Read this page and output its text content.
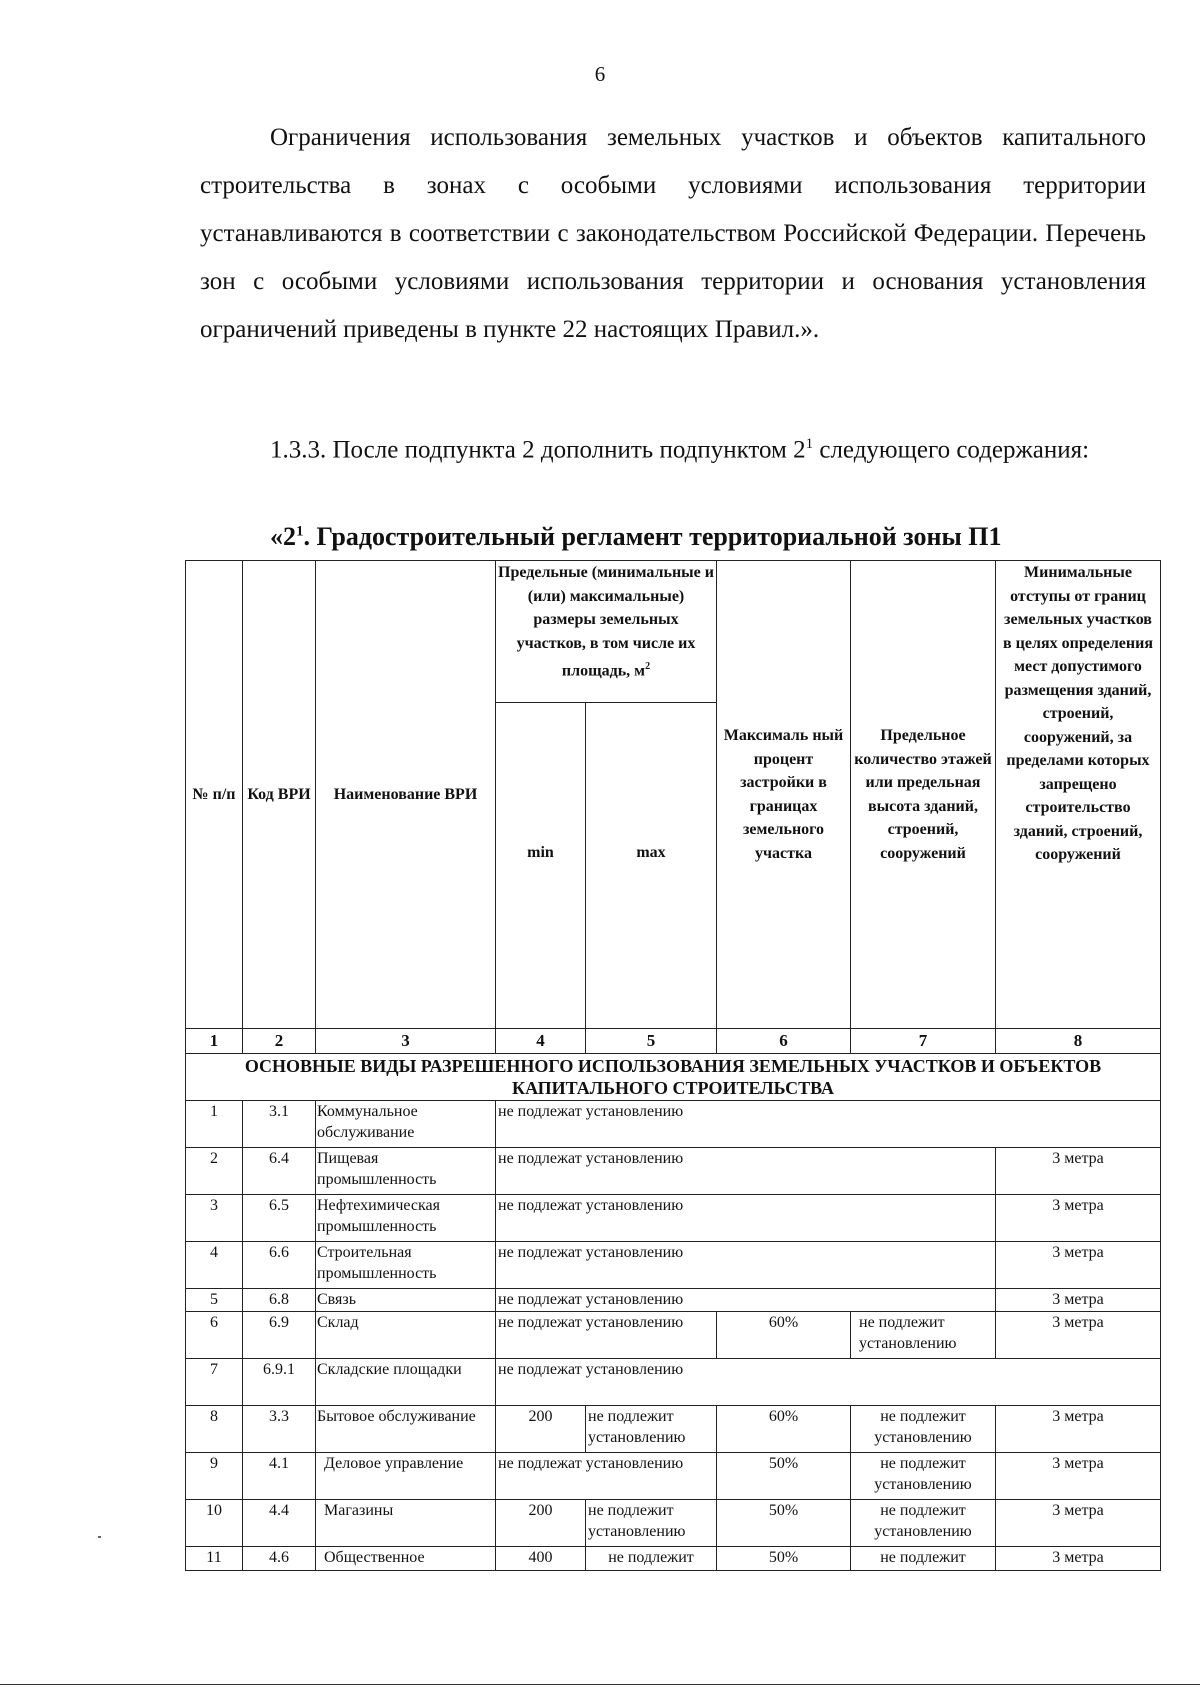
6
Ограничения использования земельных участков и объектов капитального строительства в зонах с особыми условиями использования территории устанавливаются в соответствии с законодательством Российской Федерации. Перечень зон с особыми условиями использования территории и основания установления ограничений приведены в пункте 22 настоящих Правил.».
1.3.3. После подпункта 2 дополнить подпунктом $2^1$ следующего содержания:
«$2^1$. Градостроительный регламент территориальной зоны П1
№ п/п	Код ВРИ	Наименование ВРИ	Предельные (минимальные и (или) максимальные) размеры земельных участков, в том числе их площадь, $м^2$		Максималь ный процент застройки в границах земельного участка	Предельное количество этажей или предельная высота зданий, строений, сооружений	Минимальные отступы от границ земельных участков в целях определения мест допустимого размещения зданий, строений, сооружений, за пределами которых запрещено строительство зданий, строений, сооружений
			min	max			
1	2	3	4	5	6	7	8
ОСНОВНЫЕ ВИДЫ РАЗРЕШЕННОГО ИСПОЛЬЗОВАНИЯ ЗЕМЕЛЬНЫХ УЧАСТКОВ И ОБЪЕКТОВ КАПИТАЛЬНОГО СТРОИТЕЛЬСТВА							
1	3.1	Коммунальное обслуживание	не подлежат установлению				
2	6.4	Пищевая промышленность	не подлежат установлению				3 метра
3	6.5	Нефтехимическая промышленность	не подлежат установлению				3 метра
4	6.6	Строительная промышленность	не подлежат установлению				3 метра
5	6.8	Связь	не подлежат установлению				3 метра
6	6.9	Склад	не подлежат установлению		60%	не подлежит установлению	3 метра
7	6.9.1	Складские площадки	не подлежат установлению				
8	3.3	Бытовое обслуживание	200	не подлежит установлению	60%	не подлежит установлению	3 метра
9	4.1	Деловое управление	не подлежат установлению		50%	не подлежит установлению	3 метра
10	4.4	Магазины	200	не подлежит установлению	50%	не подлежит установлению	3 метра
11	4.6	Общественное	400	не подлежит	50%	не подлежит	3 метра
